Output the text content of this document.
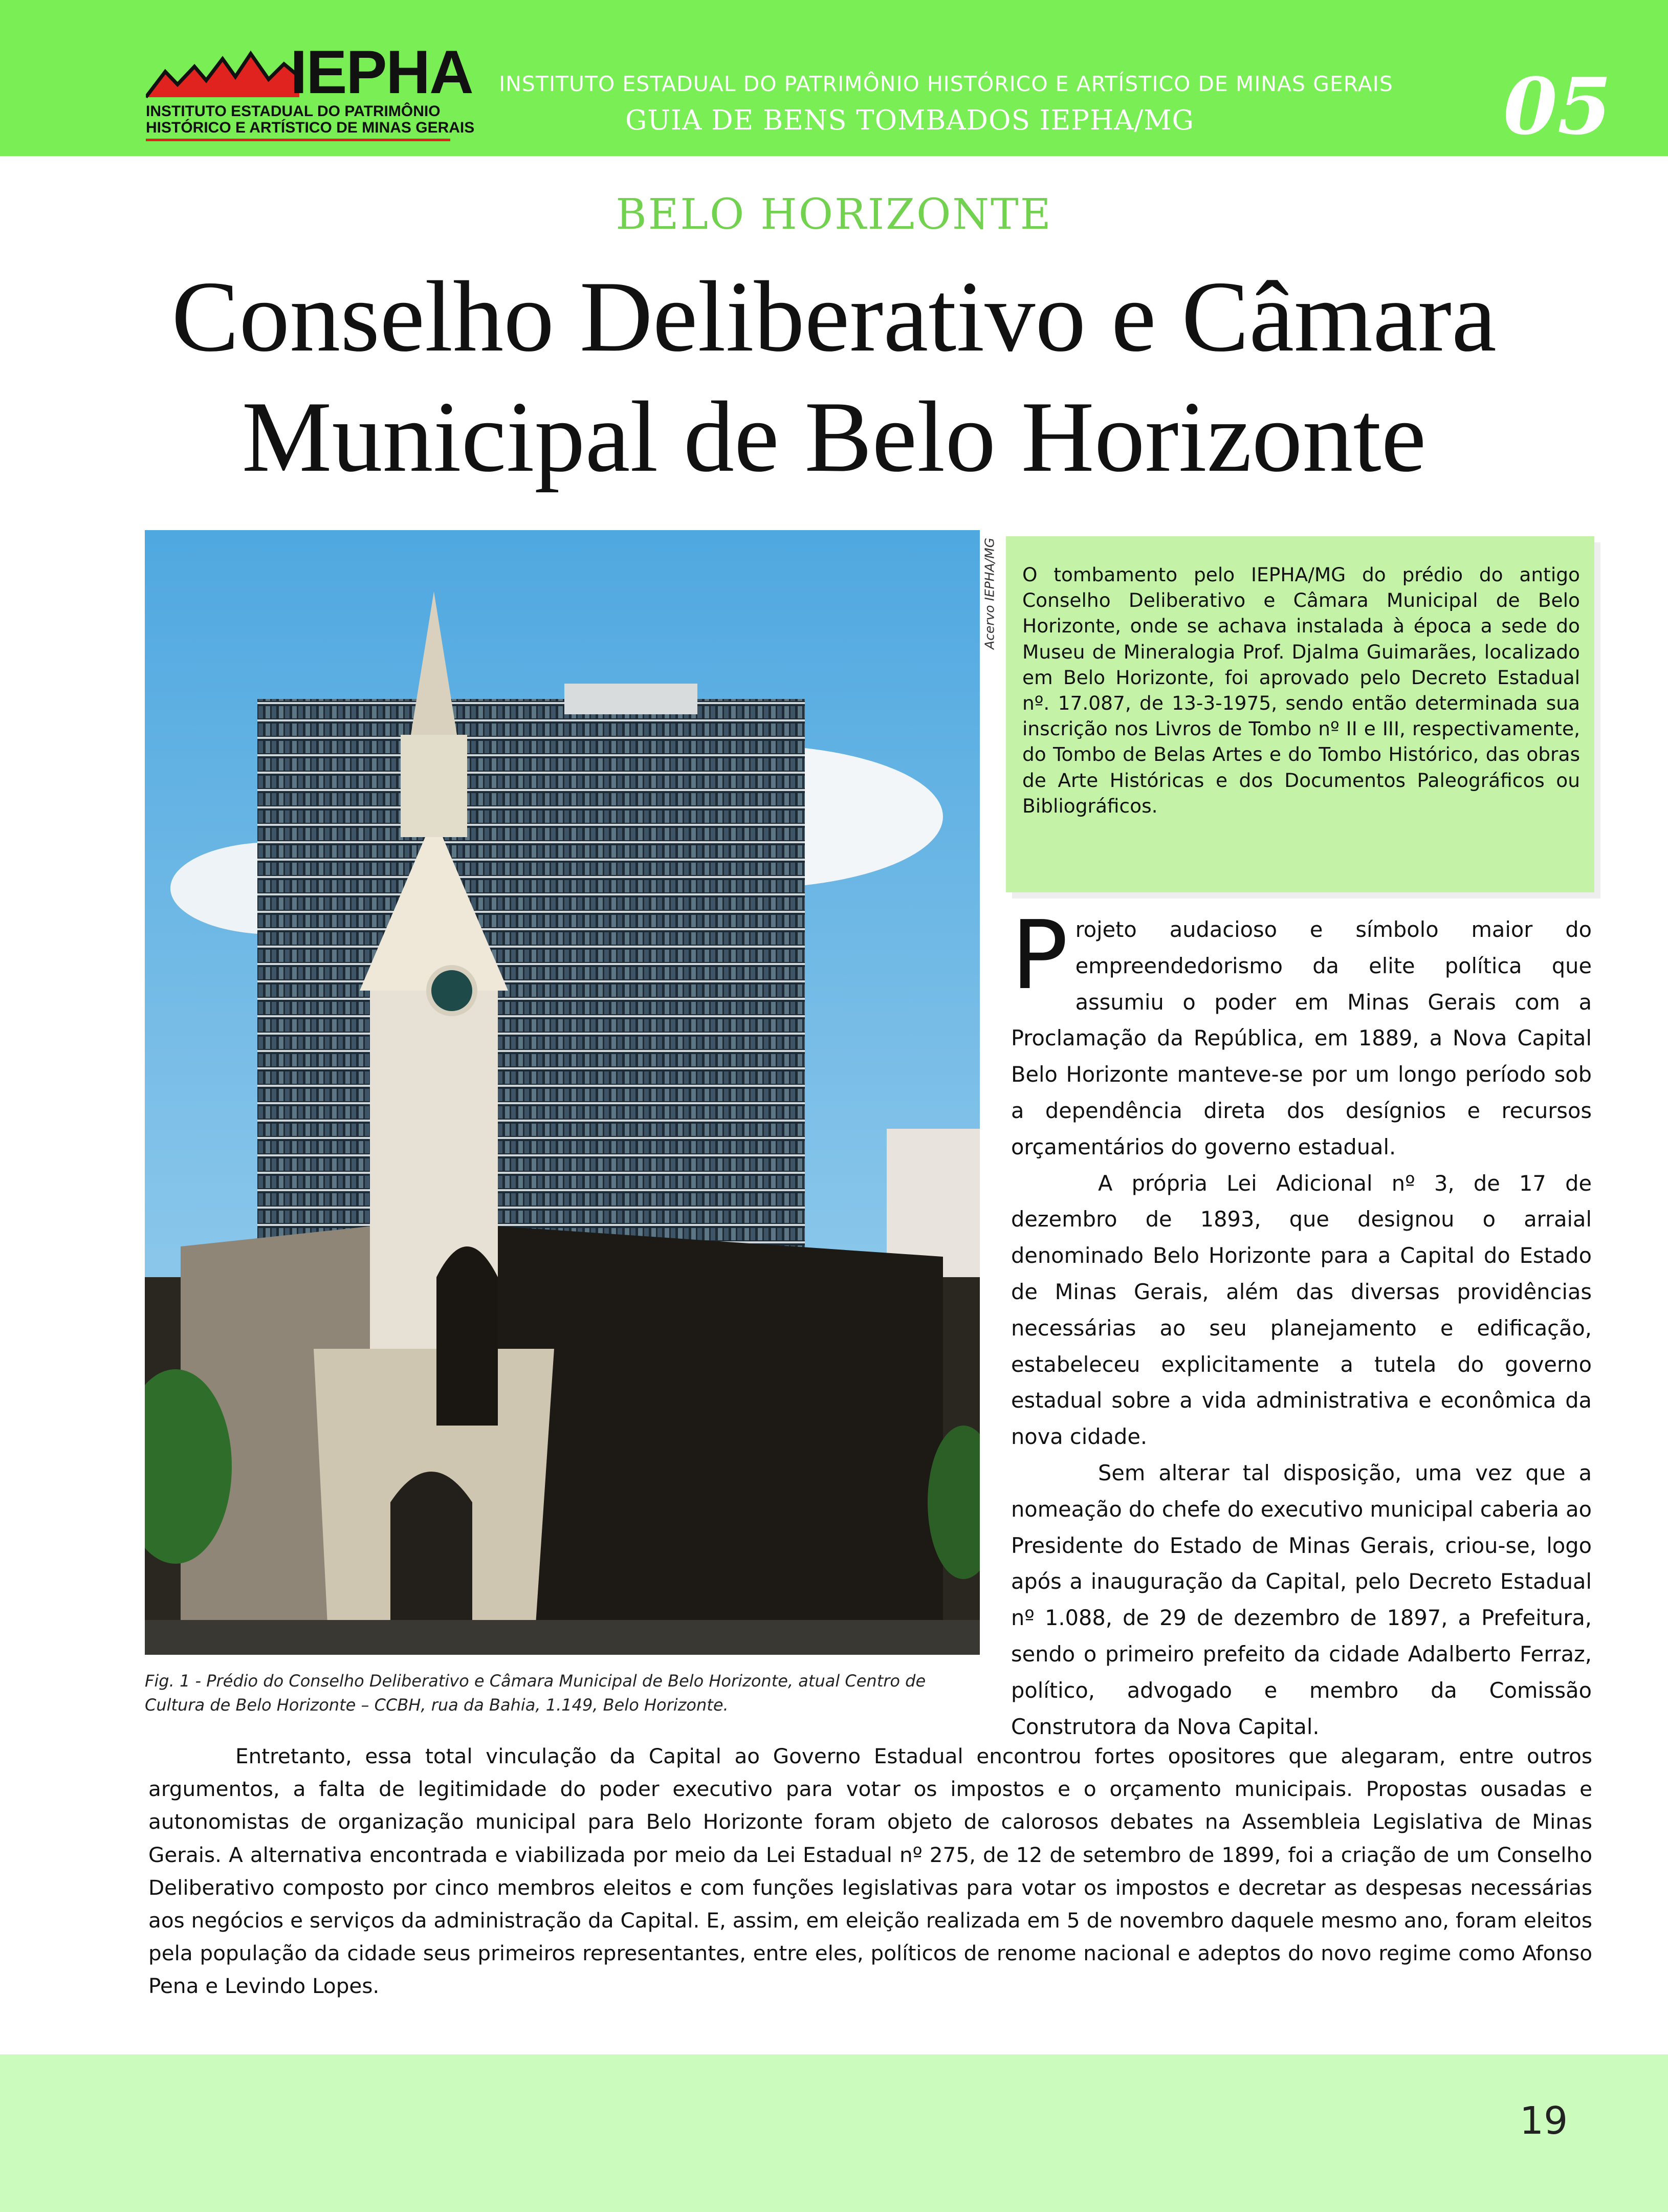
IEPHA
INSTITUTO ESTADUAL DO PATRIMÔNIO
HISTÓRICO E ARTÍSTICO DE MINAS GERAIS
INSTITUTO ESTADUAL DO PATRIMÔNIO HISTÓRICO E ARTÍSTICO DE MINAS GERAIS
GUIA DE BENS TOMBADOS IEPHA/MG	05
BELO HORIZONTE
Conselho Deliberativo e Câmara
Municipal de Belo Horizonte
Acervo IEPHA/MG
Fig. 1 - Prédio do Conselho Deliberativo e Câmara Municipal de Belo Horizonte, atual Centro de Cultura de Belo Horizonte – CCBH, rua da Bahia, 1.149, Belo Horizonte.
O tombamento pelo IEPHA/MG do prédio do antigo Conselho Deliberativo e Câmara Municipal de Belo Horizonte, onde se achava instalada à época a sede do Museu de Mineralogia Prof. Djalma Guimarães, localizado em Belo Horizonte, foi aprovado pelo Decreto Estadual nº. 17.087, de 13-3-1975, sendo então determinada sua inscrição nos Livros de Tombo nº II e III, respectivamente, do Tombo de Belas Artes e do Tombo Histórico, das obras de Arte Históricas e dos Documentos Paleográficos ou Bibliográficos.

Projeto audacioso e símbolo maior do empreendedorismo da elite política que assumiu o poder em Minas Gerais com a Proclamação da República, em 1889, a Nova Capital Belo Horizonte manteve-se por um longo período sob a dependência direta dos desígnios e recursos orçamentários do governo estadual.

A própria Lei Adicional nº 3, de 17 de dezembro de 1893, que designou o arraial denominado Belo Horizonte para a Capital do Estado de Minas Gerais, além das diversas providências necessárias ao seu planejamento e edificação, estabeleceu explicitamente a tutela do governo estadual sobre a vida administrativa e econômica da nova cidade.

Sem alterar tal disposição, uma vez que a nomeação do chefe do executivo municipal caberia ao Presidente do Estado de Minas Gerais, criou-se, logo após a inauguração da Capital, pelo Decreto Estadual nº 1.088, de 29 de dezembro de 1897, a Prefeitura, sendo o primeiro prefeito da cidade Adalberto Ferraz, político, advogado e membro da Comissão Construtora da Nova Capital.

Entretanto, essa total vinculação da Capital ao Governo Estadual encontrou fortes opositores que alegaram, entre outros argumentos, a falta de legitimidade do poder executivo para votar os impostos e o orçamento municipais. Propostas ousadas e autonomistas de organização municipal para Belo Horizonte foram objeto de calorosos debates na Assembleia Legislativa de Minas Gerais. A alternativa encontrada e viabilizada por meio da Lei Estadual nº 275, de 12 de setembro de 1899, foi a criação de um Conselho Deliberativo composto por cinco membros eleitos e com funções legislativas para votar os impostos e decretar as despesas necessárias aos negócios e serviços da administração da Capital. E, assim, em eleição realizada em 5 de novembro daquele mesmo ano, foram eleitos pela população da cidade seus primeiros representantes, entre eles, políticos de renome nacional e adeptos do novo regime como Afonso Pena e Levindo Lopes.

19
